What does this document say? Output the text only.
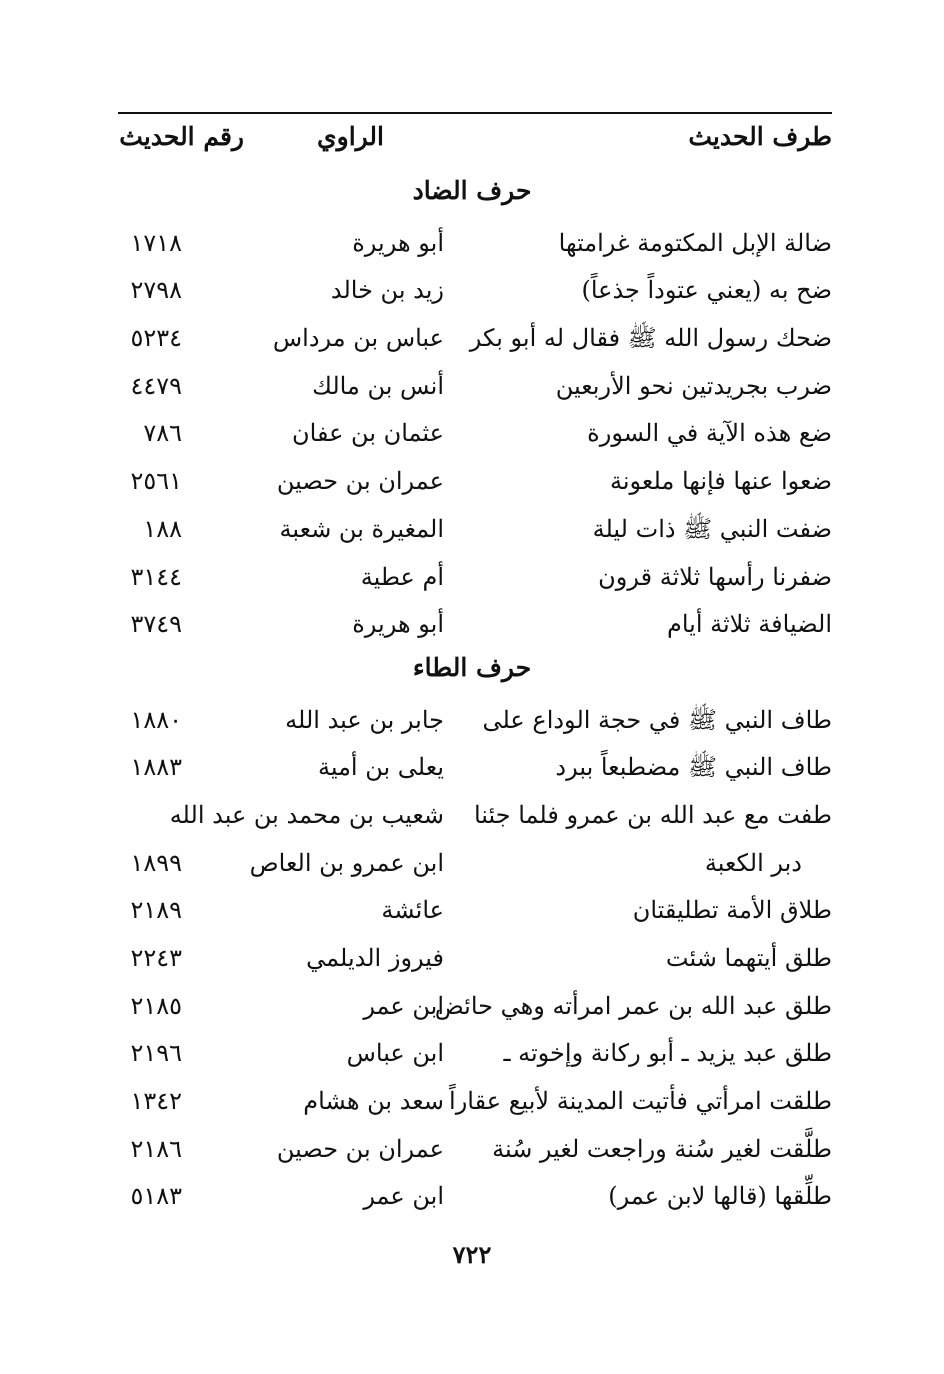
طرف الحديث
الراوي
رقم الحديث
حرف الضاد
ضالة الإبل المكتومة غرامتها
أبو هريرة
١٧١٨
ضح به (يعني عتوداً جذعاً)
زيد بن خالد
٢٧٩٨
ضحك رسول الله ﷺ فقال له أبو بكر
عباس بن مرداس
٥٢٣٤
ضرب بجريدتين نحو الأربعين
أنس بن مالك
٤٤٧٩
ضع هذه الآية في السورة
عثمان بن عفان
٧٨٦
ضعوا عنها فإنها ملعونة
عمران بن حصين
٢٥٦١
ضفت النبي ﷺ ذات ليلة
المغيرة بن شعبة
١٨٨
ضفرنا رأسها ثلاثة قرون
أم عطية
٣١٤٤
الضيافة ثلاثة أيام
أبو هريرة
٣٧٤٩
حرف الطاء
طاف النبي ﷺ في حجة الوداع على
جابر بن عبد الله
١٨٨٠
طاف النبي ﷺ مضطبعاً ببرد
يعلى بن أمية
١٨٨٣
طفت مع عبد الله بن عمرو فلما جئنا
شعيب بن محمد بن عبد الله
دبر الكعبة
ابن عمرو بن العاص
١٨٩٩
طلاق الأمة تطليقتان
عائشة
٢١٨٩
طلق أيتهما شئت
فيروز الديلمي
٢٢٤٣
طلق عبد الله بن عمر امرأته وهي حائض
ابن عمر
٢١٨٥
طلق عبد يزيد ـ أبو ركانة وإخوته ـ
ابن عباس
٢١٩٦
طلقت امرأتي فأتيت المدينة لأبيع عقاراً
سعد بن هشام
١٣٤٢
طلَّقت لغير سُنة وراجعت لغير سُنة
عمران بن حصين
٢١٨٦
طلِّقها (قالها لابن عمر)
ابن عمر
٥١٨٣
٧٢٢
